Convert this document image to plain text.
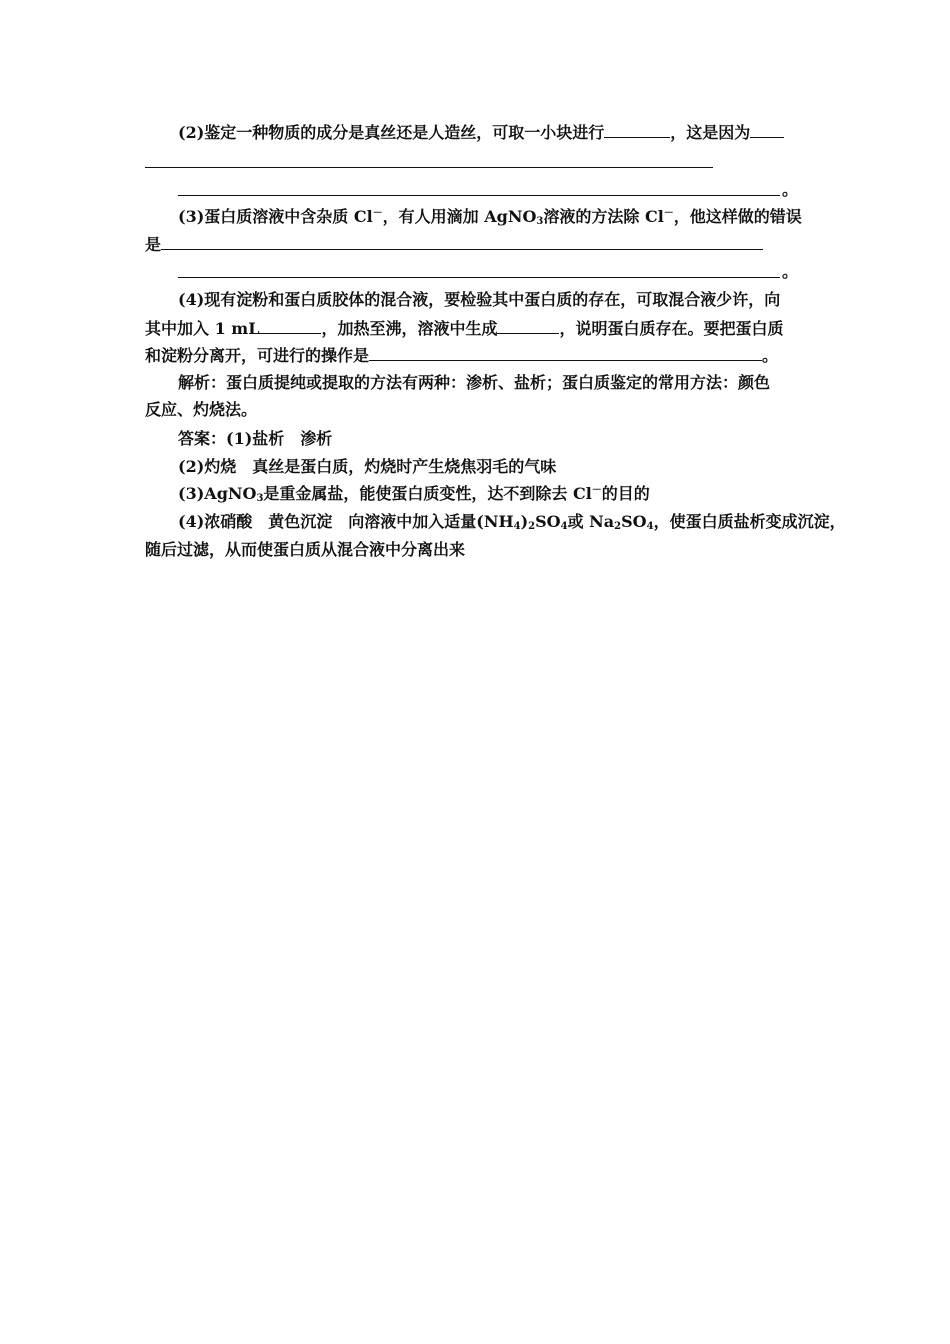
(2)鉴定一种物质的成分是真丝还是人造丝，可取一小块进行	，这是因为
。
(3)蛋白质溶液中含杂质 Cl－，有人用滴加 AgNO$_3$溶液的方法除 Cl－，他这样做的错误
是
。
(4)现有淀粉和蛋白质胶体的混合液，要检验其中蛋白质的存在，可取混合液少许，向
其中加入 1 mL	，加热至沸，溶液中生成	，说明蛋白质存在。要把蛋白质
和淀粉分离开，可进行的操作是	。
解析：蛋白质提纯或提取的方法有两种：渗析、盐析；蛋白质鉴定的常用方法：颜色
反应、灼烧法。
答案：(1)盐析　渗析
(2)灼烧　真丝是蛋白质，灼烧时产生烧焦羽毛的气味
(3)AgNO$_3$是重金属盐，能使蛋白质变性，达不到除去 Cl－的目的
(4)浓硝酸　黄色沉淀　向溶液中加入适量$(NH_4)_2SO_4$或 $Na_2SO_4$，使蛋白质盐析变成沉淀，
随后过滤，从而使蛋白质从混合液中分离出来
